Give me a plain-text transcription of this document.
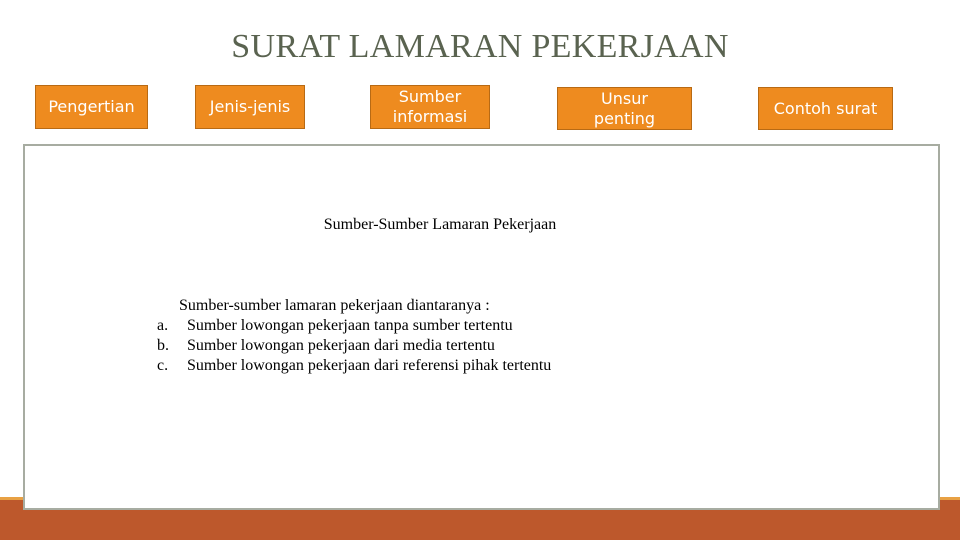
SURAT LAMARAN PEKERJAAN
Pengertian	Jenis-jenis
Sumber
informasi
Unsur
penting
Contoh surat
Sumber-Sumber Lamaran Pekerjaan
Sumber-sumber lamaran pekerjaan diantaranya :
a.	Sumber lowongan pekerjaan tanpa sumber tertentu
b.	Sumber lowongan pekerjaan dari media tertentu
c.	Sumber lowongan pekerjaan dari referensi pihak tertentu
